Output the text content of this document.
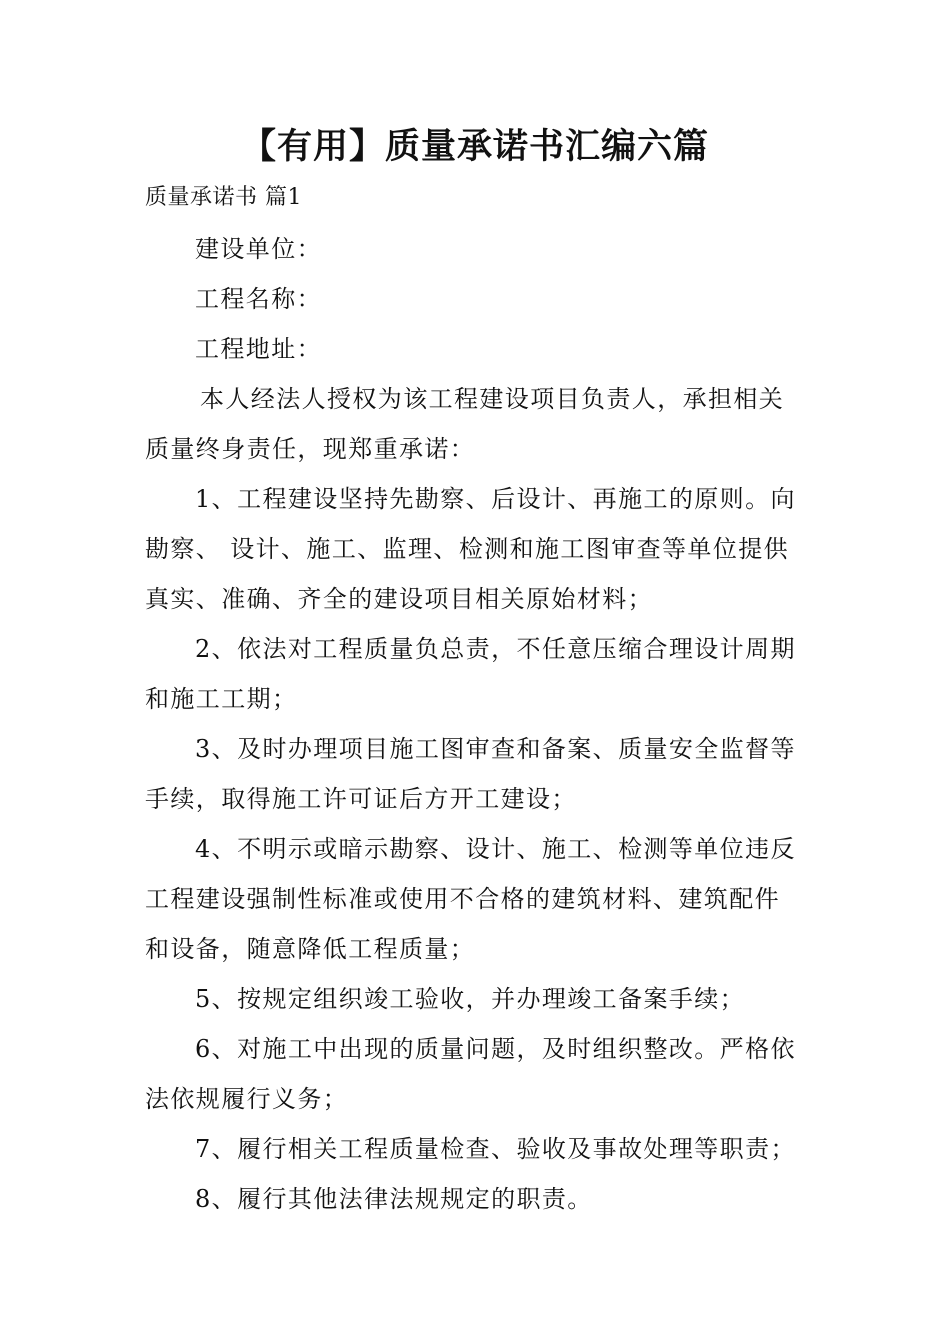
【有用】质量承诺书汇编六篇
质量承诺书 篇1
建设单位：
工程名称：
工程地址：
本人经法人授权为该工程建设项目负责人，承担相关
质量终身责任，现郑重承诺：
1、工程建设坚持先勘察、后设计、再施工的原则。向
勘察、 设计、施工、监理、检测和施工图审查等单位提供
真实、准确、齐全的建设项目相关原始材料；
2、依法对工程质量负总责，不任意压缩合理设计周期
和施工工期；
3、及时办理项目施工图审查和备案、质量安全监督等
手续，取得施工许可证后方开工建设；
4、不明示或暗示勘察、设计、施工、检测等单位违反
工程建设强制性标准或使用不合格的建筑材料、建筑配件
和设备，随意降低工程质量；
5、按规定组织竣工验收，并办理竣工备案手续；
6、对施工中出现的质量问题，及时组织整改。严格依
法依规履行义务；
7、履行相关工程质量检查、验收及事故处理等职责；
8、履行其他法律法规规定的职责。
